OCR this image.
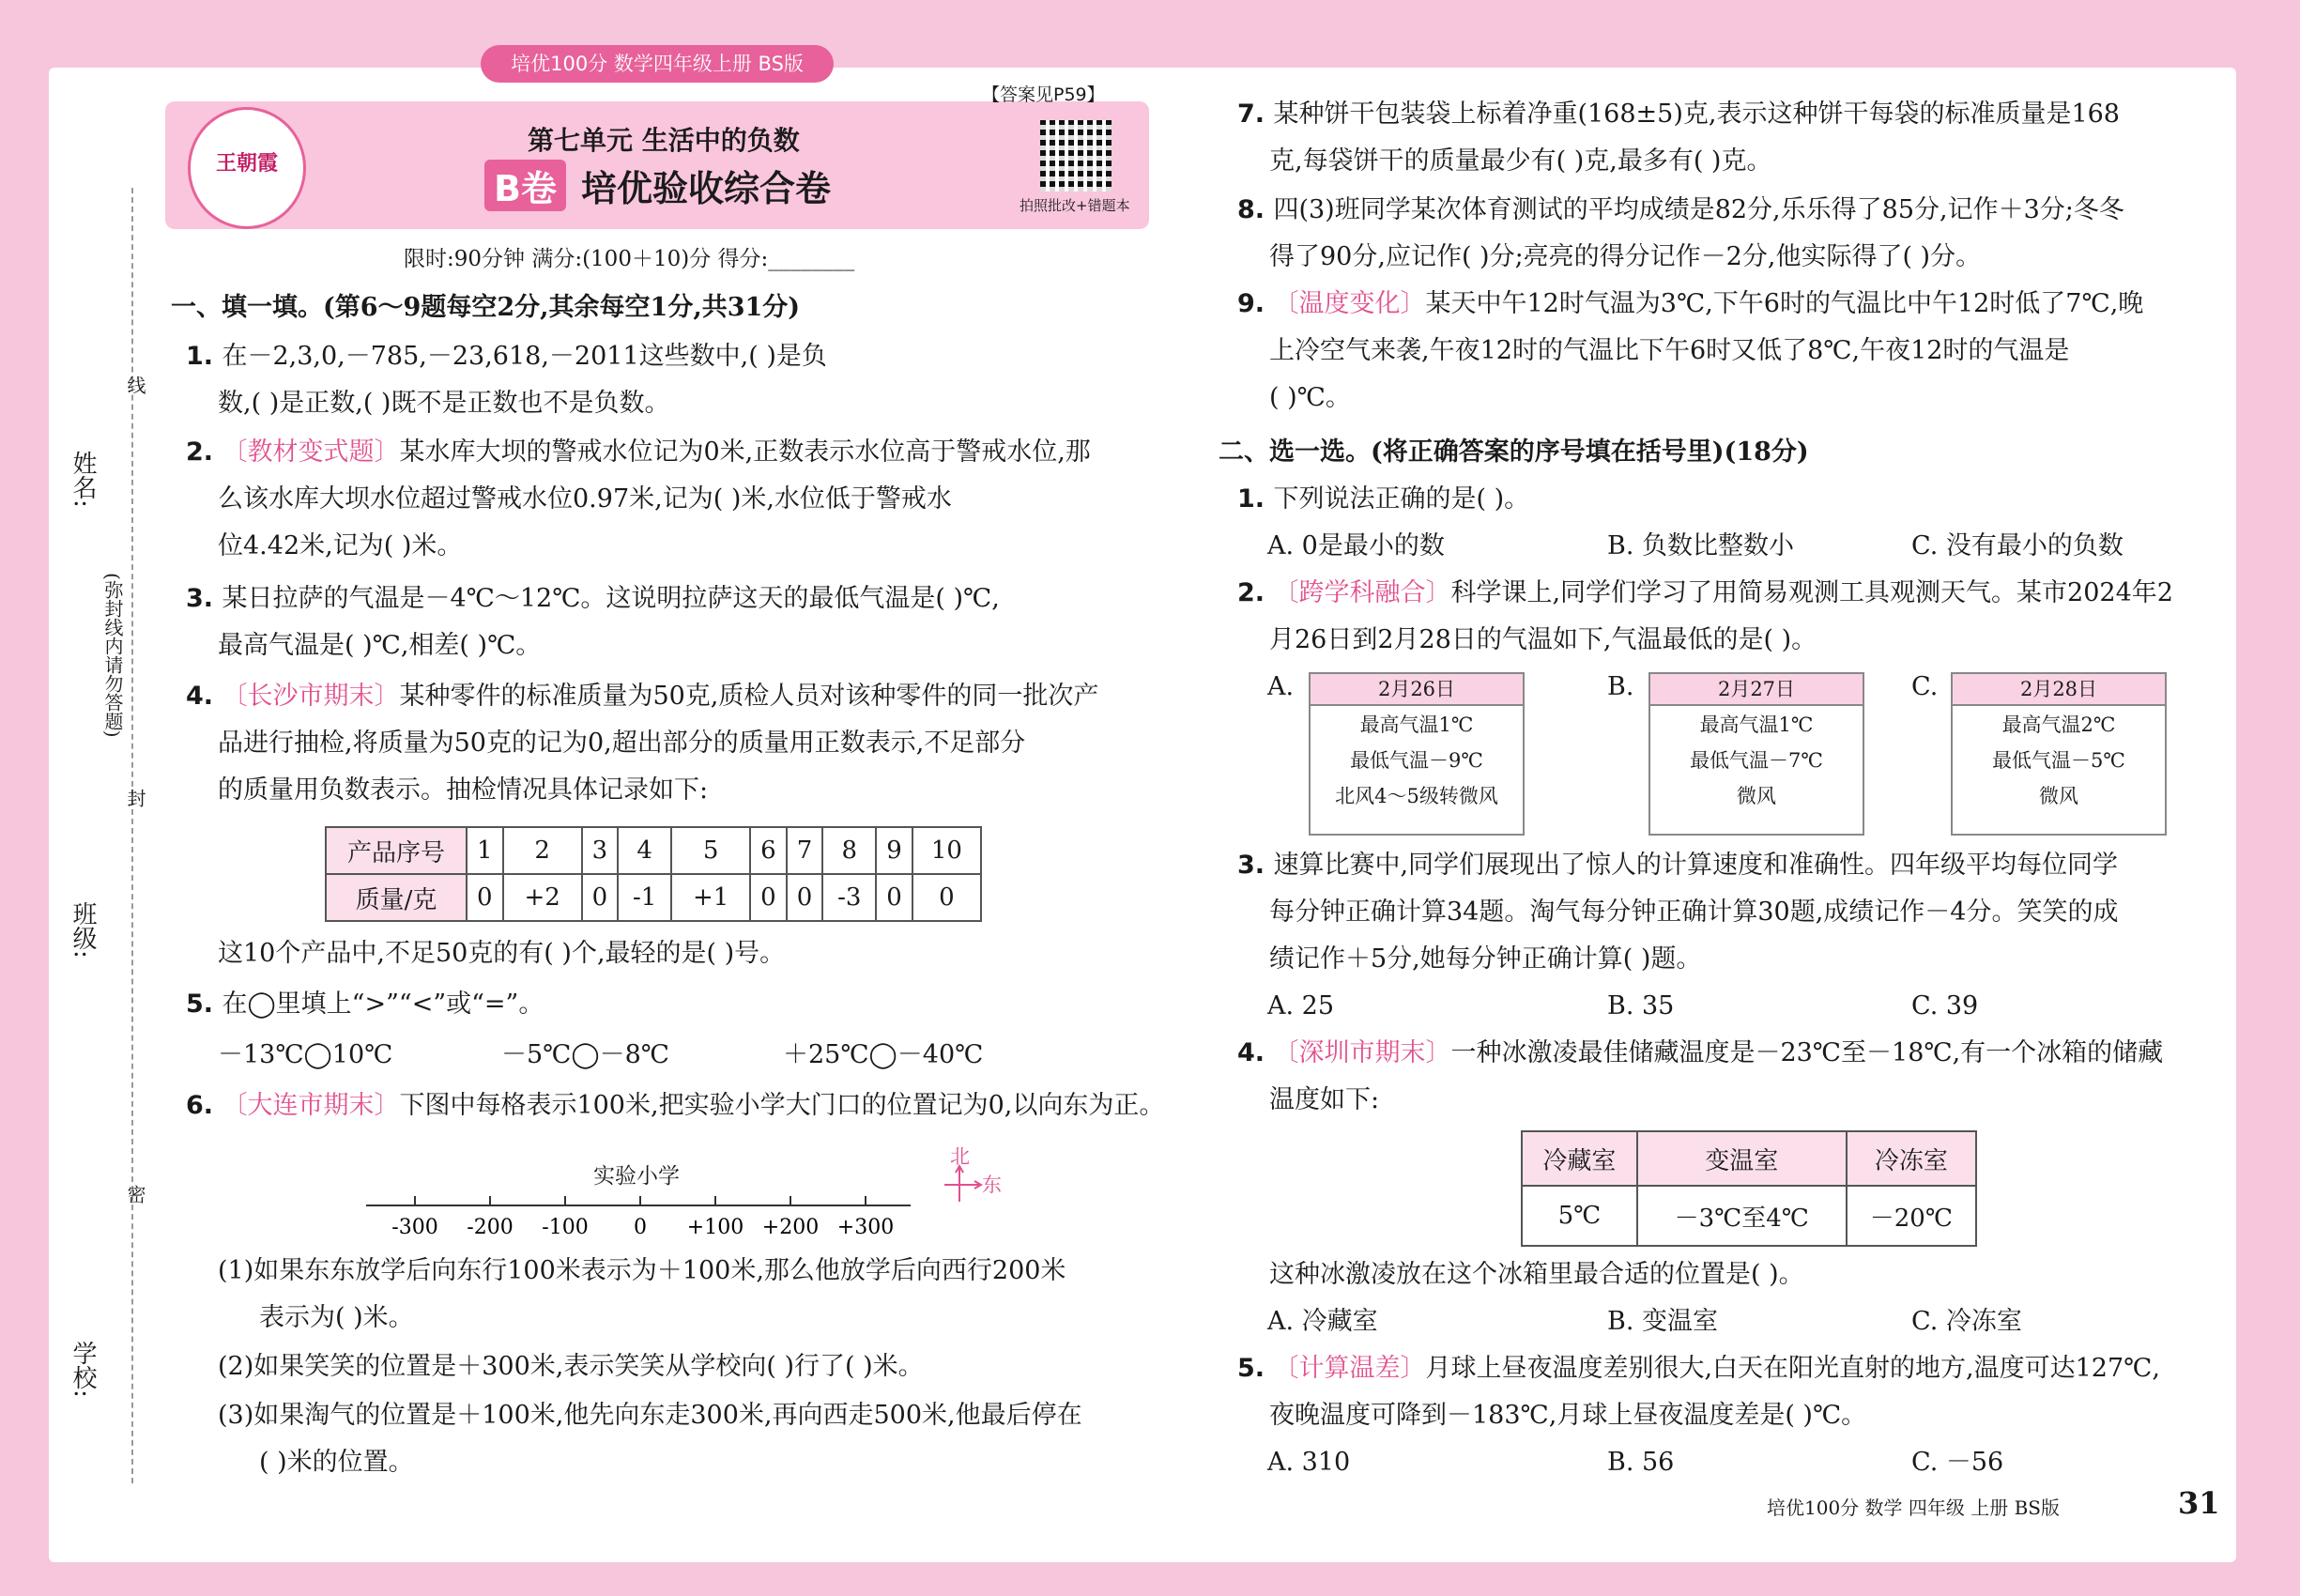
培优100分 数学四年级上册 BS版
王朝霞
第七单元 生活中的负数
B卷 培优验收综合卷
【答案见P59】
拍照批改+错题本
限时:90分钟 满分:(100＋10)分 得分:________
姓名:
线
(弥封线内请勿答题)
封
班级:
密
学校:
一、填一填。(第6～9题每空2分,其余每空1分,共31分)
1. 在－2,3,0,－785,－23,618,－2011这些数中,( )是负
数,( )是正数,( )既不是正数也不是负数。
2. 〔教材变式题〕某水库大坝的警戒水位记为0米,正数表示水位高于警戒水位,那
么该水库大坝水位超过警戒水位0.97米,记为( )米,水位低于警戒水
位4.42米,记为( )米。
3. 某日拉萨的气温是－4℃～12℃。这说明拉萨这天的最低气温是( )℃,
最高气温是( )℃,相差( )℃。
4. 〔长沙市期末〕某种零件的标准质量为50克,质检人员对该种零件的同一批次产
品进行抽检,将质量为50克的记为0,超出部分的质量用正数表示,不足部分
的质量用负数表示。抽检情况具体记录如下:
产品序号	1	2	3	4	5	6	7	8	9	10
质量/克	0	+2	0	-1	+1	0	0	-3	0	0
这10个产品中,不足50克的有( )个,最轻的是( )号。
5. 在◯里填上“>”“<”或“=”。
－13℃◯10℃	－5℃◯－8℃	＋25℃◯－40℃
6. 〔大连市期末〕下图中每格表示100米,把实验小学大门口的位置记为0,以向东为正。
实验小学
-300 -200 -100 0 +100 +200 +300
北
东
(1)如果东东放学后向东行100米表示为＋100米,那么他放学后向西行200米
表示为( )米。
(2)如果笑笑的位置是＋300米,表示笑笑从学校向( )行了( )米。
(3)如果淘气的位置是＋100米,他先向东走300米,再向西走500米,他最后停在
( )米的位置。
7. 某种饼干包装袋上标着净重(168±5)克,表示这种饼干每袋的标准质量是168
克,每袋饼干的质量最少有( )克,最多有( )克。
8. 四(3)班同学某次体育测试的平均成绩是82分,乐乐得了85分,记作＋3分;冬冬
得了90分,应记作( )分;亮亮的得分记作－2分,他实际得了( )分。
9. 〔温度变化〕某天中午12时气温为3℃,下午6时的气温比中午12时低了7℃,晚
上冷空气来袭,午夜12时的气温比下午6时又低了8℃,午夜12时的气温是
( )℃。
二、选一选。(将正确答案的序号填在括号里)(18分)
1. 下列说法正确的是( )。
A. 0是最小的数	B. 负数比整数小	C. 没有最小的负数
2. 〔跨学科融合〕科学课上,同学们学习了用简易观测工具观测天气。某市2024年2
月26日到2月28日的气温如下,气温最低的是( )。
A.	2月26日
最高气温1℃
最低气温－9℃
北风4～5级转微风
B.	2月27日
最高气温1℃
最低气温－7℃
微风
C.	2月28日
最高气温2℃
最低气温－5℃
微风
3. 速算比赛中,同学们展现出了惊人的计算速度和准确性。四年级平均每位同学
每分钟正确计算34题。淘气每分钟正确计算30题,成绩记作－4分。笑笑的成
绩记作＋5分,她每分钟正确计算( )题。
A. 25	B. 35	C. 39
4. 〔深圳市期末〕一种冰激凌最佳储藏温度是－23℃至－18℃,有一个冰箱的储藏
温度如下:
冷藏室	变温室	冷冻室
5℃	－3℃至4℃	－20℃
这种冰激凌放在这个冰箱里最合适的位置是( )。
A. 冷藏室	B. 变温室	C. 冷冻室
5. 〔计算温差〕月球上昼夜温度差别很大,白天在阳光直射的地方,温度可达127℃,
夜晚温度可降到－183℃,月球上昼夜温度差是( )℃。
A. 310	B. 56	C. －56
培优100分 数学 四年级 上册 BS版	31
